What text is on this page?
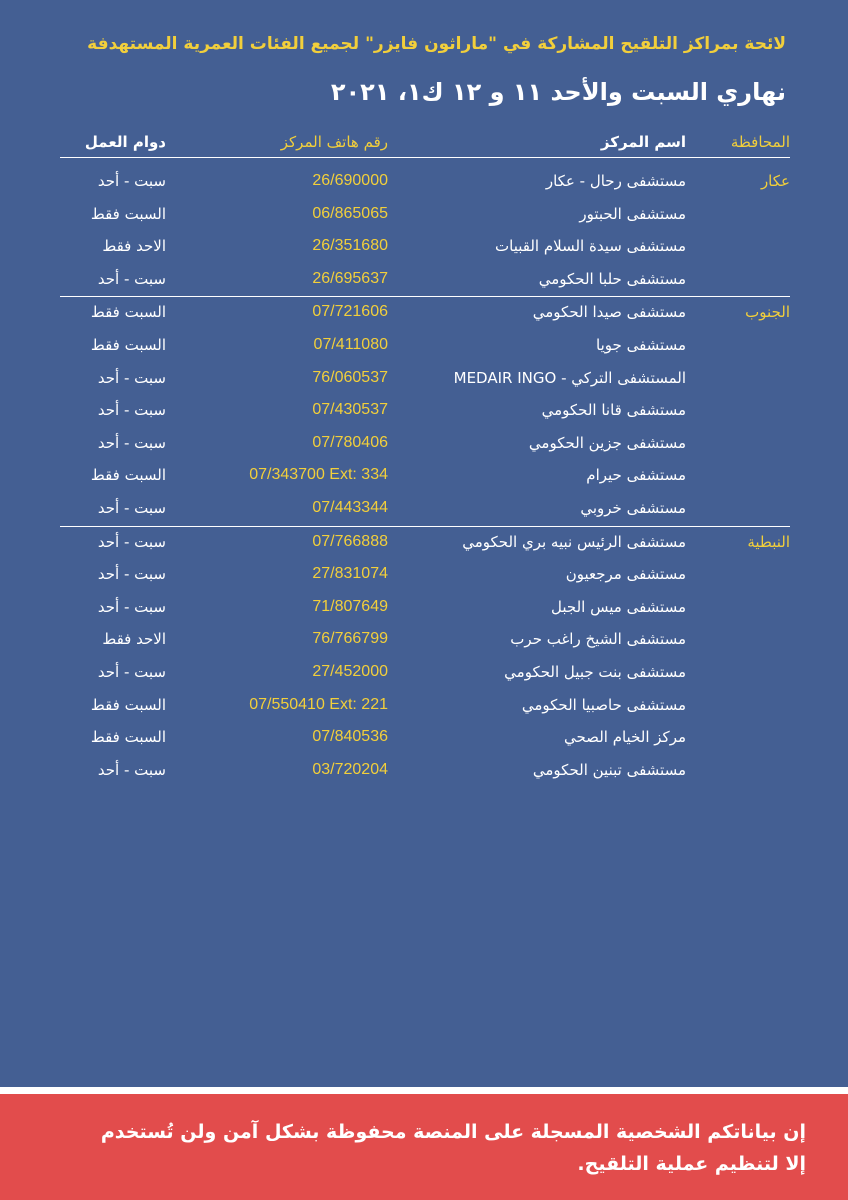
لائحة بمراكز التلقيح المشاركة في "ماراثون فايزر" لجميع الفئات العمرية المستهدفة
نهاري السبت والأحد ١١ و ١٢ ك١، ٢٠٢١
المحافظة
اسم المركز
رقم هاتف المركز
دوام العمل
عكار
مستشفى رحال - عكار
26/690000
سبت - أحد
مستشفى الحبتور
06/865065
السبت فقط
مستشفى سيدة السلام القبيات
26/351680
الاحد فقط
مستشفى حلبا الحكومي
26/695637
سبت - أحد
الجنوب
مستشفى صيدا الحكومي
07/721606
السبت فقط
مستشفى جويا
07/411080
السبت فقط
المستشفى التركي - MEDAIR INGO
76/060537
سبت - أحد
مستشفى قانا الحكومي
07/430537
سبت - أحد
مستشفى جزين الحكومي
07/780406
سبت - أحد
مستشفى حيرام
07/343700 Ext: 334
السبت فقط
مستشفى خروبي
07/443344
سبت - أحد
النبطية
مستشفى الرئيس نبيه بري الحكومي
07/766888
سبت - أحد
مستشفى مرجعيون
27/831074
سبت - أحد
مستشفى ميس الجبل
71/807649
سبت - أحد
مستشفى الشيخ راغب حرب
76/766799
الاحد فقط
مستشفى بنت جبيل الحكومي
27/452000
سبت - أحد
مستشفى حاصبيا الحكومي
07/550410 Ext: 221
السبت فقط
مركز الخيام الصحي
07/840536
السبت فقط
مستشفى تبنين الحكومي
03/720204
سبت - أحد
إن بياناتكم الشخصية المسجلة على المنصة محفوظة بشكل آمن ولن تُستخدم
إلا لتنظيم عملية التلقيح.
